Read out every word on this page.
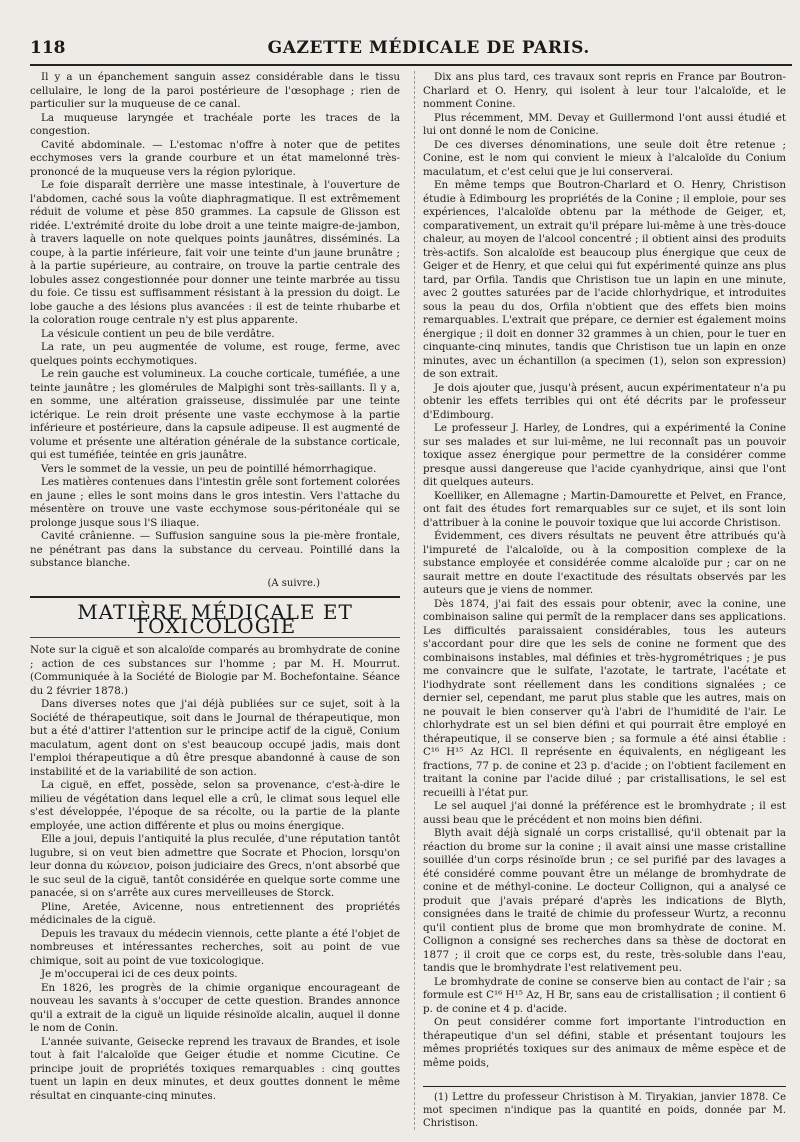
118	GAZETTE MÉDICALE DE PARIS.

Il y a un épanchement sanguin assez considérable dans le tissu cellulaire, le long de la paroi postérieure de l'œsophage ; rien de particulier sur la muqueuse de ce canal.

La muqueuse laryngée et trachéale porte les traces de la congestion.

Cavité abdominale. — L'estomac n'offre à noter que de petites ecchymoses vers la grande courbure et un état mamelonné très-prononcé de la muqueuse vers la région pylorique.

Le foie disparaît derrière une masse intestinale, à l'ouverture de l'abdomen, caché sous la voûte diaphragmatique. Il est extrêmement réduit de volume et pèse 850 grammes. La capsule de Glisson est ridée. L'extrémité droite du lobe droit a une teinte maigre-de-jambon, à travers laquelle on note quelques points jaunâtres, disséminés. La coupe, à la partie inférieure, fait voir une teinte d'un jaune brunâtre ; à la partie supérieure, au contraire, on trouve la partie centrale des lobules assez congestionnée pour donner une teinte marbrée au tissu du foie. Ce tissu est suffisamment résistant à la pression du doigt. Le lobe gauche a des lésions plus avancées : il est de teinte rhubarbe et la coloration rouge centrale n'y est plus apparente.

La vésicule contient un peu de bile verdâtre.

La rate, un peu augmentée de volume, est rouge, ferme, avec quelques points ecchymotiques.

Le rein gauche est volumineux. La couche corticale, tuméfiée, a une teinte jaunâtre ; les glomérules de Malpighi sont très-saillants. Il y a, en somme, une altération graisseuse, dissimulée par une teinte ictérique. Le rein droit présente une vaste ecchymose à la partie inférieure et postérieure, dans la capsule adipeuse. Il est augmenté de volume et présente une altération générale de la substance corticale, qui est tuméfiée, teintée en gris jaunâtre.

Vers le sommet de la vessie, un peu de pointillé hémorrhagique.

Les matières contenues dans l'intestin grêle sont fortement colorées en jaune ; elles le sont moins dans le gros intestin. Vers l'attache du mésentère on trouve une vaste ecchymose sous-péritonéale qui se prolonge jusque sous l'S iliaque.

Cavité crânienne. — Suffusion sanguine sous la pie-mère frontale, ne pénétrant pas dans la substance du cerveau. Pointillé dans la substance blanche.

(A suivre.)
MATIÈRE MÉDICALE ET TOXICOLOGIE

Note sur la ciguë et son alcaloïde comparés au bromhydrate de conine ; action de ces substances sur l'homme ; par M. H. Mourrut. (Communiquée à la Société de Biologie par M. Bochefontaine. Séance du 2 février 1878.)

Dans diverses notes que j'ai déjà publiées sur ce sujet, soit à la Société de thérapeutique, soit dans le Journal de thérapeutique, mon but a été d'attirer l'attention sur le principe actif de la ciguë, Conium maculatum, agent dont on s'est beaucoup occupé jadis, mais dont l'emploi thérapeutique a dû être presque abandonné à cause de son instabilité et de la variabilité de son action.

La ciguë, en effet, possède, selon sa provenance, c'est-à-dire le milieu de végétation dans lequel elle a crû, le climat sous lequel elle s'est développée, l'époque de sa récolte, ou la partie de la plante employée, une action différente et plus ou moins énergique.

Elle a joui, depuis l'antiquité la plus reculée, d'une réputation tantôt lugubre, si on veut bien admettre que Socrate et Phocion, lorsqu'on leur donna du κώνειον, poison judiciaire des Grecs, n'ont absorbé que le suc seul de la ciguë, tantôt considérée en quelque sorte comme une panacée, si on s'arrête aux cures merveilleuses de Storck.

Pline, Aretée, Avicenne, nous entretiennent des propriétés médicinales de la ciguë.

Depuis les travaux du médecin viennois, cette plante a été l'objet de nombreuses et intéressantes recherches, soit au point de vue chimique, soit au point de vue toxicologique.

Je m'occuperai ici de ces deux points.

En 1826, les progrès de la chimie organique encourageant de nouveau les savants à s'occuper de cette question. Brandes annonce qu'il a extrait de la ciguë un liquide résinoïde alcalin, auquel il donne le nom de Conin.

L'année suivante, Geisecke reprend les travaux de Brandes, et isole tout à fait l'alcaloïde que Geiger étudie et nomme Cicutine. Ce principe jouit de propriétés toxiques remarquables : cinq gouttes tuent un lapin en deux minutes, et deux gouttes donnent le même résultat en cinquante-cinq minutes.

Dix ans plus tard, ces travaux sont repris en France par Boutron-Charlard et O. Henry, qui isolent à leur tour l'alcaloïde, et le nomment Conine.

Plus récemment, MM. Devay et Guillermond l'ont aussi étudié et lui ont donné le nom de Conicine.

De ces diverses dénominations, une seule doit être retenue ; Conine, est le nom qui convient le mieux à l'alcaloïde du Conium maculatum, et c'est celui que je lui conserverai.

En même temps que Boutron-Charlard et O. Henry, Christison étudie à Edimbourg les propriétés de la Conine ; il emploie, pour ses expériences, l'alcaloïde obtenu par la méthode de Geiger, et, comparativement, un extrait qu'il prépare lui-même à une très-douce chaleur, au moyen de l'alcool concentré ; il obtient ainsi des produits très-actifs. Son alcaloïde est beaucoup plus énergique que ceux de Geiger et de Henry, et que celui qui fut expérimenté quinze ans plus tard, par Orfila. Tandis que Christison tue un lapin en une minute, avec 2 gouttes saturées par de l'acide chlorhydrique, et introduites sous la peau du dos, Orfila n'obtient que des effets bien moins remarquables. L'extrait que prépare, ce dernier est également moins énergique ; il doit en donner 32 grammes à un chien, pour le tuer en cinquante-cinq minutes, tandis que Christison tue un lapin en onze minutes, avec un échantillon (a specimen (1), selon son expression) de son extrait.

Je dois ajouter que, jusqu'à présent, aucun expérimentateur n'a pu obtenir les effets terribles qui ont été décrits par le professeur d'Edimbourg.

Le professeur J. Harley, de Londres, qui a expérimenté la Conine sur ses malades et sur lui-même, ne lui reconnaît pas un pouvoir toxique assez énergique pour permettre de la considérer comme presque aussi dangereuse que l'acide cyanhydrique, ainsi que l'ont dit quelques auteurs.

Koelliker, en Allemagne ; Martin-Damourette et Pelvet, en France, ont fait des études fort remarquables sur ce sujet, et ils sont loin d'attribuer à la conine le pouvoir toxique que lui accorde Christison.

Évidemment, ces divers résultats ne peuvent être attribués qu'à l'impureté de l'alcaloïde, ou à la composition complexe de la substance employée et considérée comme alcaloïde pur ; car on ne saurait mettre en doute l'exactitude des résultats observés par les auteurs que je viens de nommer.

Dès 1874, j'ai fait des essais pour obtenir, avec la conine, une combinaison saline qui permît de la remplacer dans ses applications. Les difficultés paraissaient considérables, tous les auteurs s'accordant pour dire que les sels de conine ne forment que des combinaisons instables, mal définies et très-hygrométriques ; je pus me convaincre que le sulfate, l'azotate, le tartrate, l'acétate et l'iodhydrate sont réellement dans les conditions signalées ; ce dernier sel, cependant, me parut plus stable que les autres, mais on ne pouvait le bien conserver qu'à l'abri de l'humidité de l'air. Le chlorhydrate est un sel bien défini et qui pourrait être employé en thérapeutique, il se conserve bien ; sa formule a été ainsi établie : C¹⁶ H¹⁵ Az HCl. Il représente en équivalents, en négligeant les fractions, 77 p. de conine et 23 p. d'acide ; on l'obtient facilement en traitant la conine par l'acide dilué ; par cristallisations, le sel est recueilli à l'état pur.

Le sel auquel j'ai donné la préférence est le bromhydrate ; il est aussi beau que le précédent et non moins bien défini.

Blyth avait déjà signalé un corps cristallisé, qu'il obtenait par la réaction du brome sur la conine ; il avait ainsi une masse cristalline souillée d'un corps résinoïde brun ; ce sel purifié par des lavages a été considéré comme pouvant être un mélange de bromhydrate de conine et de méthyl-conine. Le docteur Collignon, qui a analysé ce produit que j'avais préparé d'après les indications de Blyth, consignées dans le traité de chimie du professeur Wurtz, a reconnu qu'il contient plus de brome que mon bromhydrate de conine. M. Collignon a consigné ses recherches dans sa thèse de doctorat en 1877 ; il croit que ce corps est, du reste, très-soluble dans l'eau, tandis que le bromhydrate l'est relativement peu.

Le bromhydrate de conine se conserve bien au contact de l'air ; sa formule est C¹⁶ H¹⁵ Az, H Br, sans eau de cristallisation ; il contient 6 p. de conine et 4 p. d'acide.

On peut considérer comme fort importante l'introduction en thérapeutique d'un sel défini, stable et présentant toujours les mêmes propriétés toxiques sur des animaux de même espèce et de même poids,

(1) Lettre du professeur Christison à M. Tiryakian, janvier 1878. Ce mot specimen n'indique pas la quantité en poids, donnée par M. Christison.
